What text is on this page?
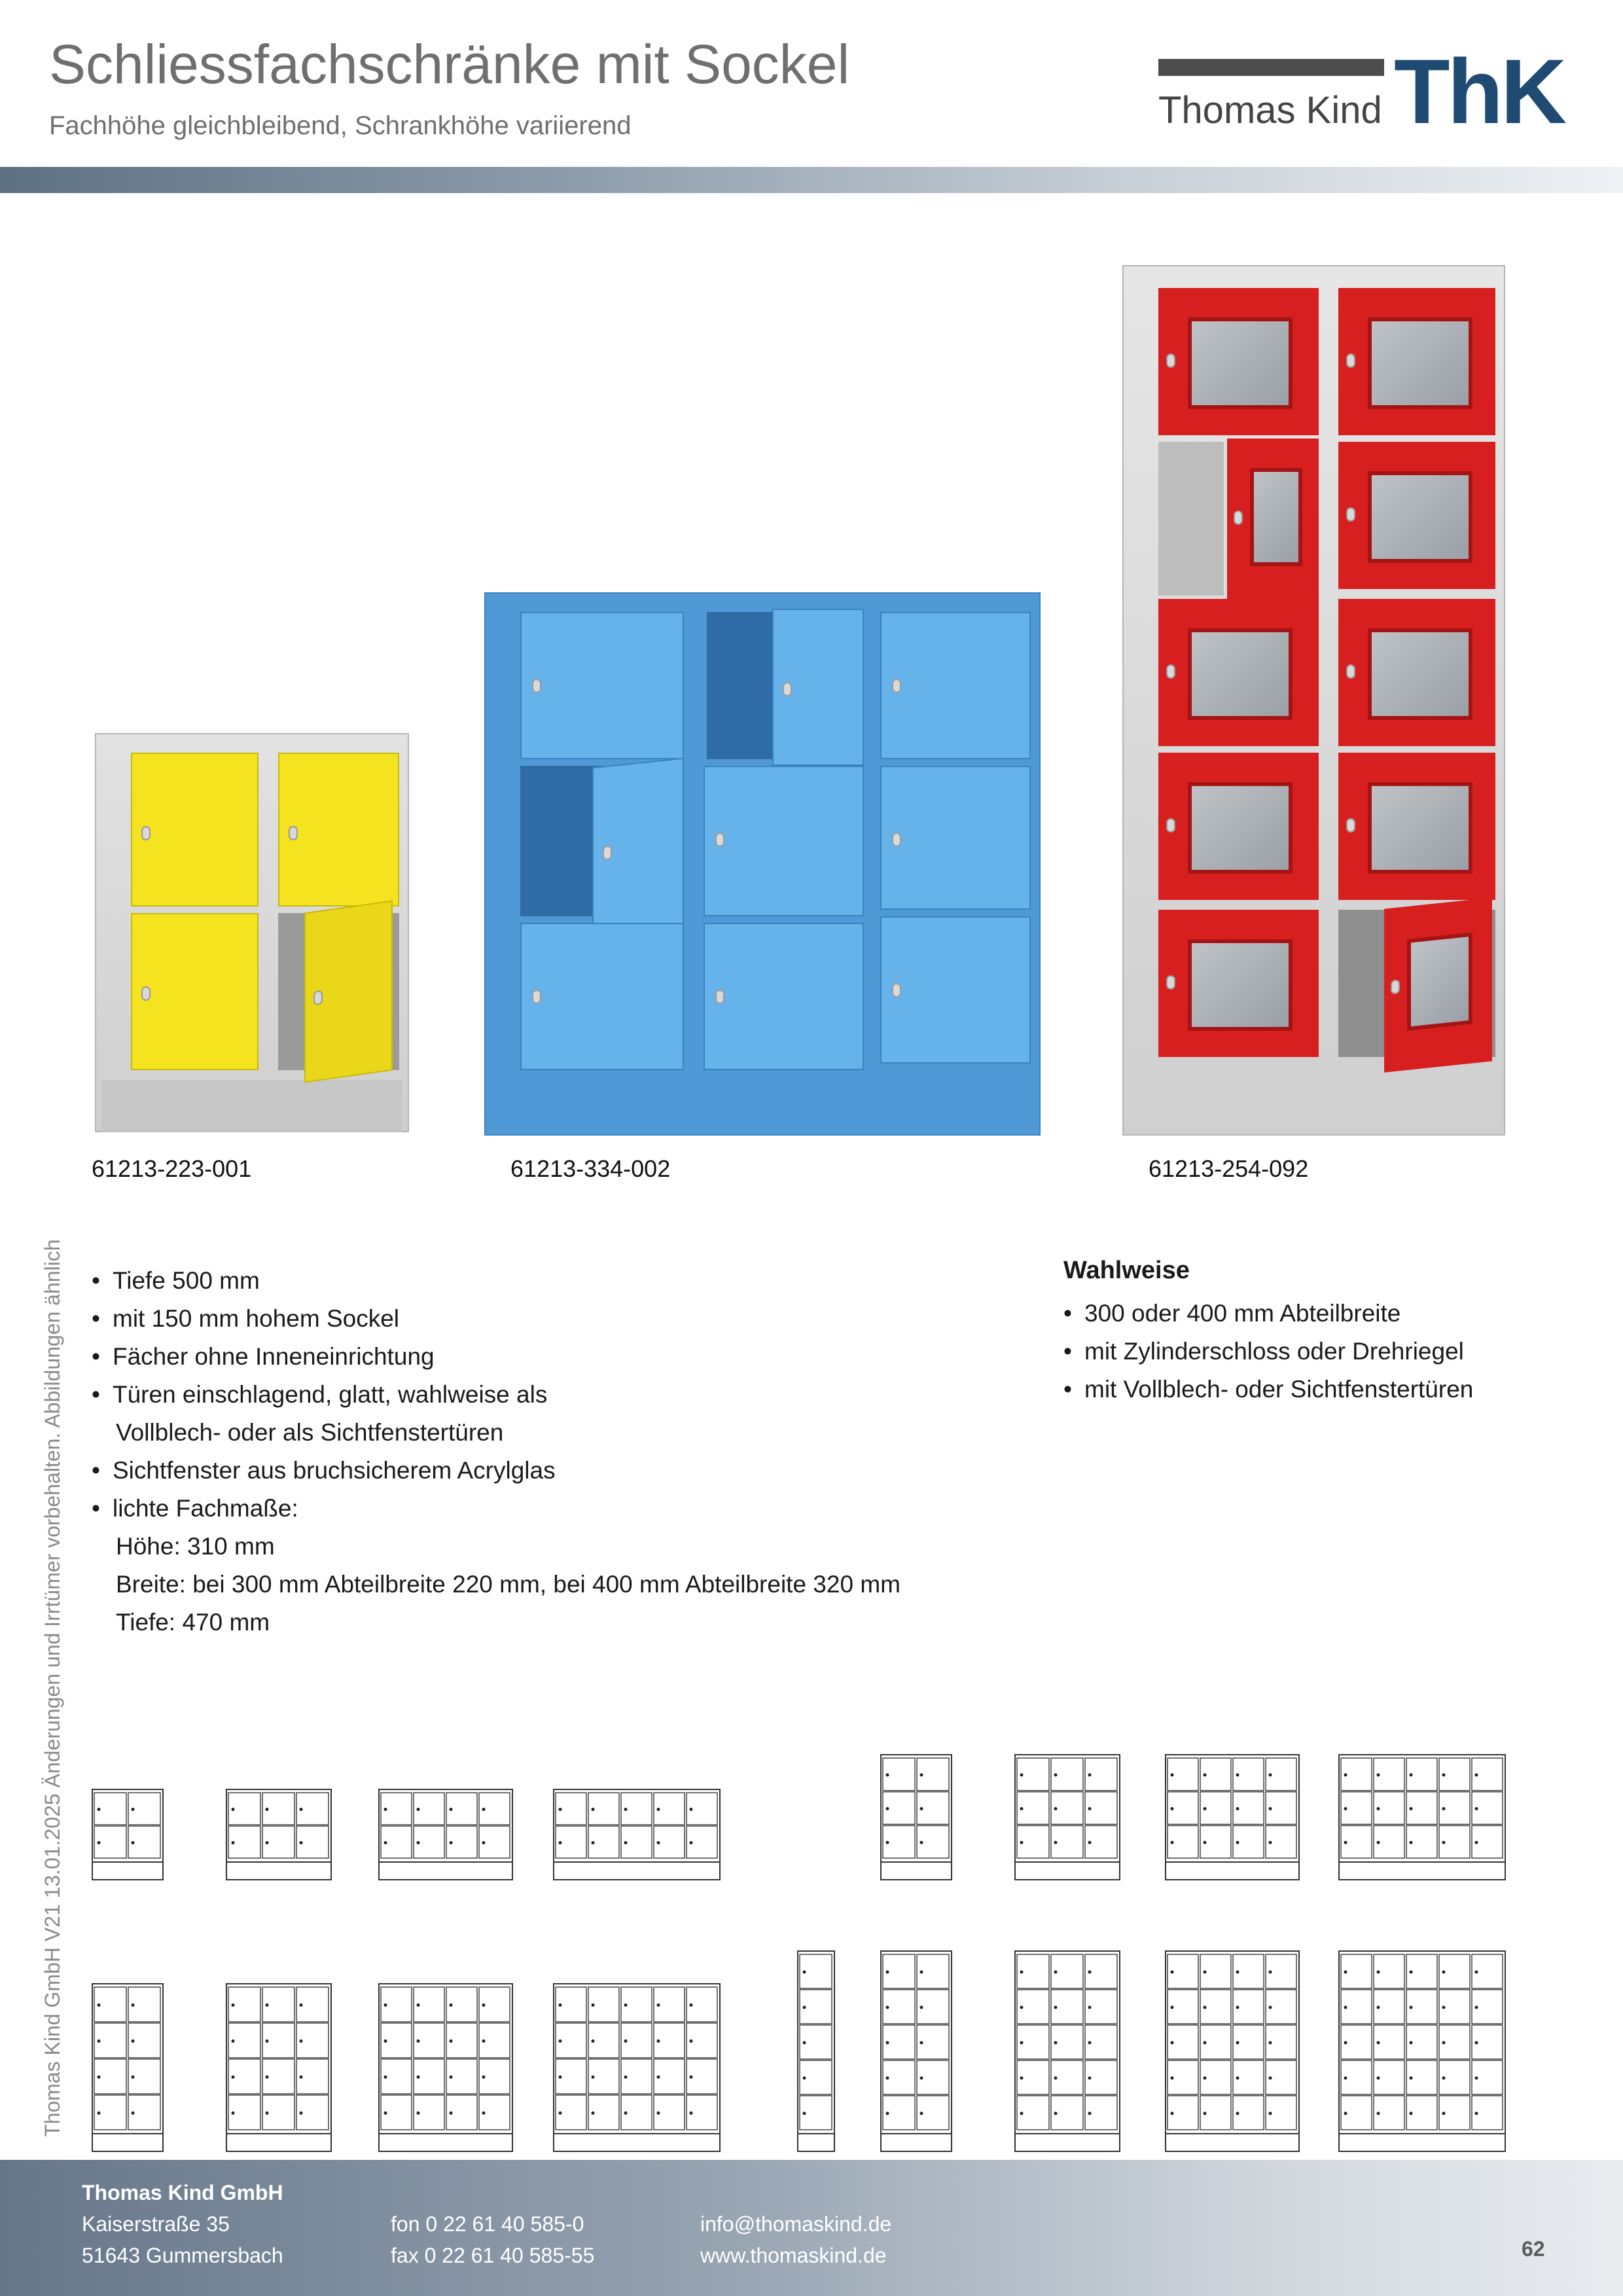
Schliessfachschränke mit Sockel
Fachhöhe gleichbleibend, Schrankhöhe variierend	Thomas Kind ThK
Thomas Kind GmbH V21 13.01.2025 Änderungen und Irrtümer vorbehalten. Abbildungen ähnlich
61213-223-001	61213-334-002	61213-254-092
• Tiefe 500 mm
• mit 150 mm hohem Sockel
• Fächer ohne Inneneinrichtung
• Türen einschlagend, glatt, wahlweise als
Vollblech- oder als Sichtfenstertüren
• Sichtfenster aus bruchsicherem Acrylglas
• lichte Fachmaße:
Höhe: 310 mm
Breite: bei 300 mm Abteilbreite 220 mm, bei 400 mm Abteilbreite 320 mm
Tiefe: 470 mm
Wahlweise
• 300 oder 400 mm Abteilbreite
• mit Zylinderschloss oder Drehriegel
• mit Vollblech- oder Sichtfenstertüren
Thomas Kind GmbH
Kaiserstraße 35
51643 Gummersbach
fon 0 22 61 40 585-0
fax 0 22 61 40 585-55
info@thomaskind.de
www.thomaskind.de	62
